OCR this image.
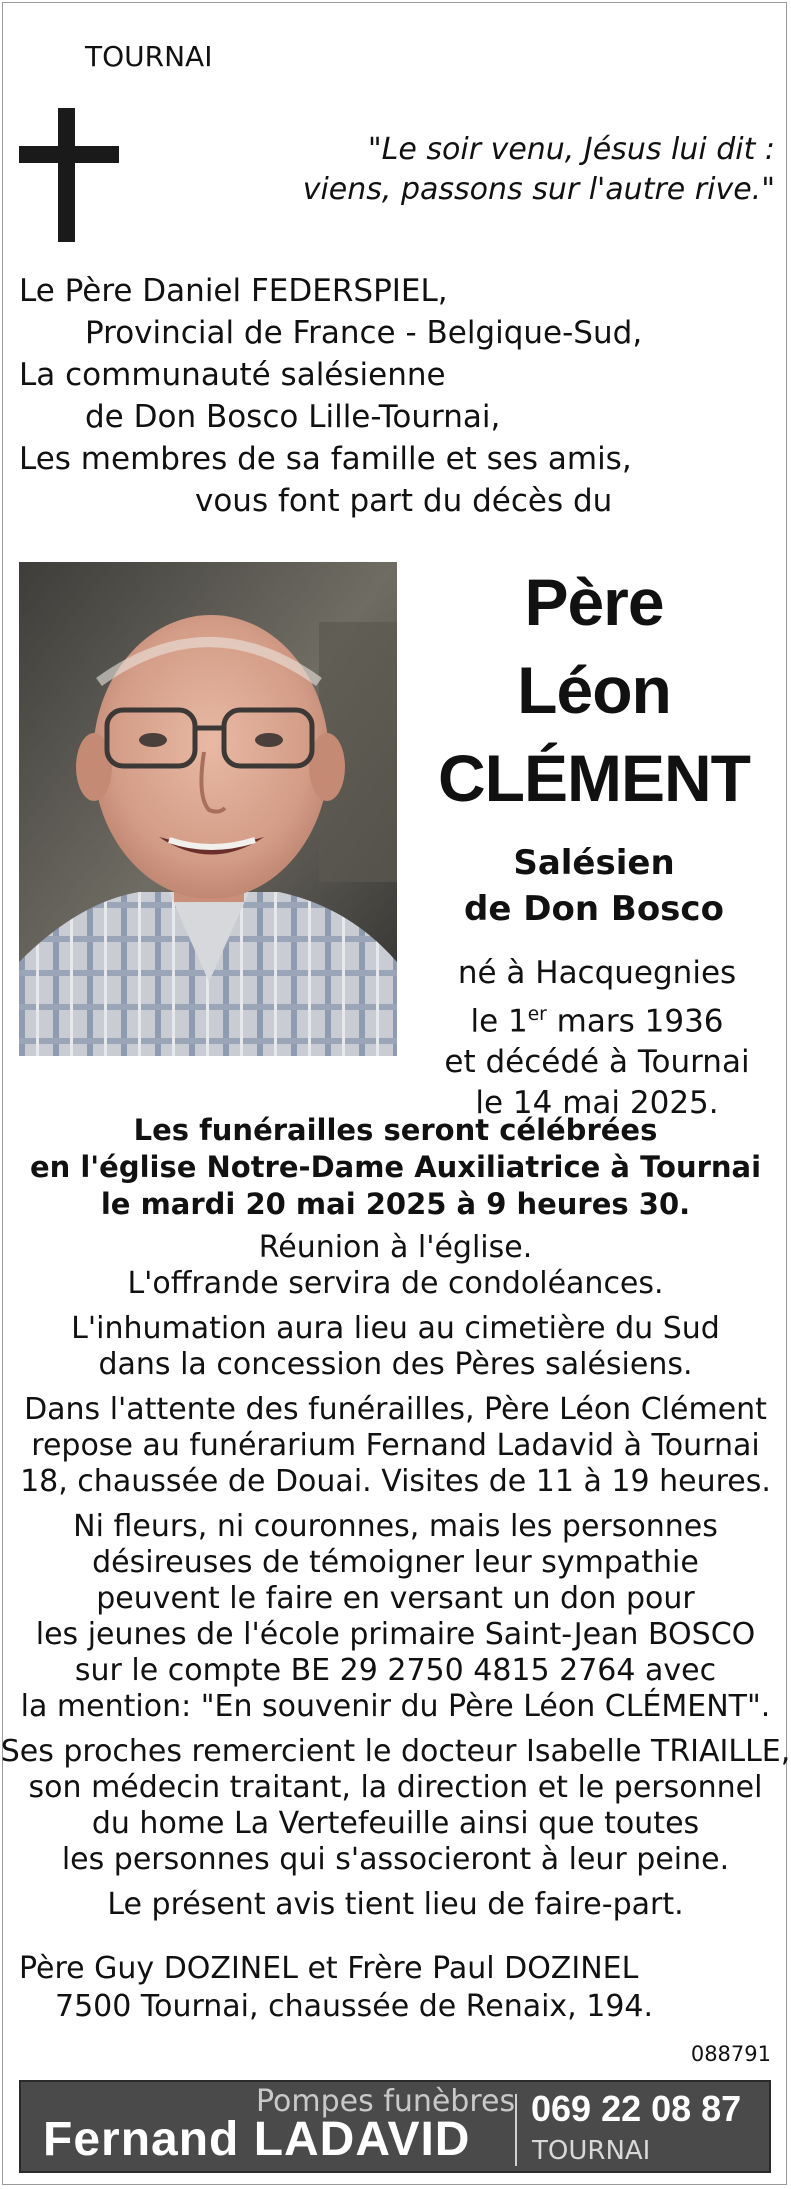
TOURNAI
"Le soir venu, Jésus lui dit :
viens, passons sur l'autre rive."
Le Père Daniel FEDERSPIEL,
Provincial de France - Belgique-Sud,
La communauté salésienne
de Don Bosco Lille-Tournai,
Les membres de sa famille et ses amis,
vous font part du décès du
Père
Léon
CLÉMENT
Salésien
de Don Bosco
né à Hacquegnies
le 1er mars 1936
et décédé à Tournai
le 14 mai 2025.
Les funérailles seront célébrées
en l'église Notre-Dame Auxiliatrice à Tournai
le mardi 20 mai 2025 à 9 heures 30.
Réunion à l'église.
L'offrande servira de condoléances.
L'inhumation aura lieu au cimetière du Sud
dans la concession des Pères salésiens.
Dans l'attente des funérailles, Père Léon Clément
repose au funérarium Fernand Ladavid à Tournai
18, chaussée de Douai. Visites de 11 à 19 heures.
Ni fleurs, ni couronnes, mais les personnes
désireuses de témoigner leur sympathie
peuvent le faire en versant un don pour
les jeunes de l'école primaire Saint-Jean BOSCO
sur le compte BE 29 2750 4815 2764 avec
la mention: "En souvenir du Père Léon CLÉMENT".
Ses proches remercient le docteur Isabelle TRIAILLE,
son médecin traitant, la direction et le personnel
du home La Vertefeuille ainsi que toutes
les personnes qui s'associeront à leur peine.
Le présent avis tient lieu de faire-part.
Père Guy DOZINEL et Frère Paul DOZINEL
7500 Tournai, chaussée de Renaix, 194.
088791
Pompes funèbres
Fernand LADAVID
069 22 08 87
TOURNAI
